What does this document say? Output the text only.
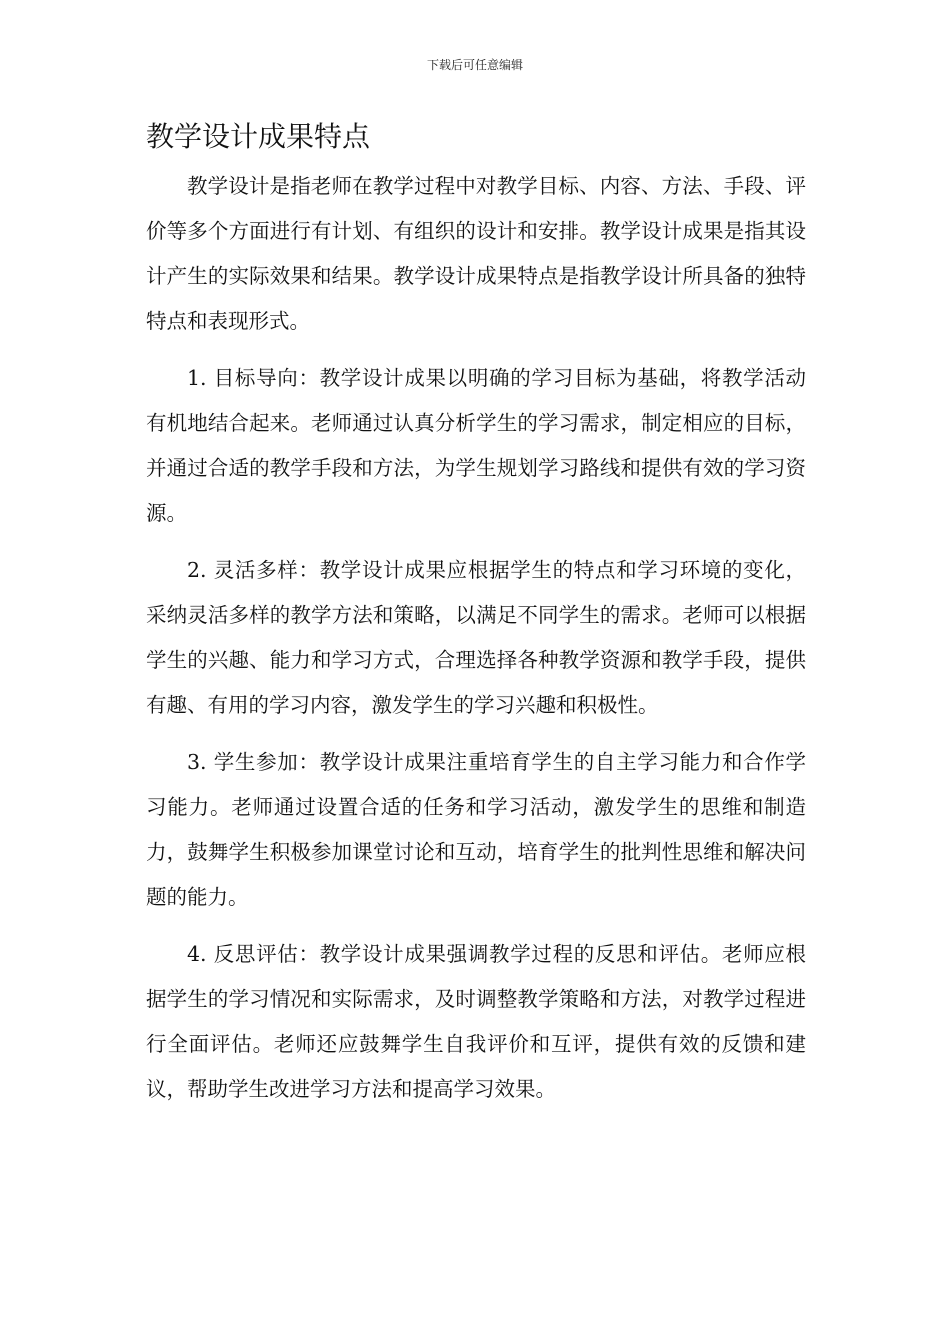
下载后可任意编辑
教学设计成果特点

教学设计是指老师在教学过程中对教学目标、内容、方法、手段、评价等多个方面进行有计划、有组织的设计和安排。教学设计成果是指其设计产生的实际效果和结果。教学设计成果特点是指教学设计所具备的独特特点和表现形式。

1. 目标导向：教学设计成果以明确的学习目标为基础，将教学活动有机地结合起来。老师通过认真分析学生的学习需求，制定相应的目标，并通过合适的教学手段和方法，为学生规划学习路线和提供有效的学习资源。

2. 灵活多样：教学设计成果应根据学生的特点和学习环境的变化，采纳灵活多样的教学方法和策略，以满足不同学生的需求。老师可以根据学生的兴趣、能力和学习方式，合理选择各种教学资源和教学手段，提供有趣、有用的学习内容，激发学生的学习兴趣和积极性。

3. 学生参加：教学设计成果注重培育学生的自主学习能力和合作学习能力。老师通过设置合适的任务和学习活动，激发学生的思维和制造力，鼓舞学生积极参加课堂讨论和互动，培育学生的批判性思维和解决问题的能力。

4. 反思评估：教学设计成果强调教学过程的反思和评估。老师应根据学生的学习情况和实际需求，及时调整教学策略和方法，对教学过程进行全面评估。老师还应鼓舞学生自我评价和互评，提供有效的反馈和建议，帮助学生改进学习方法和提高学习效果。
